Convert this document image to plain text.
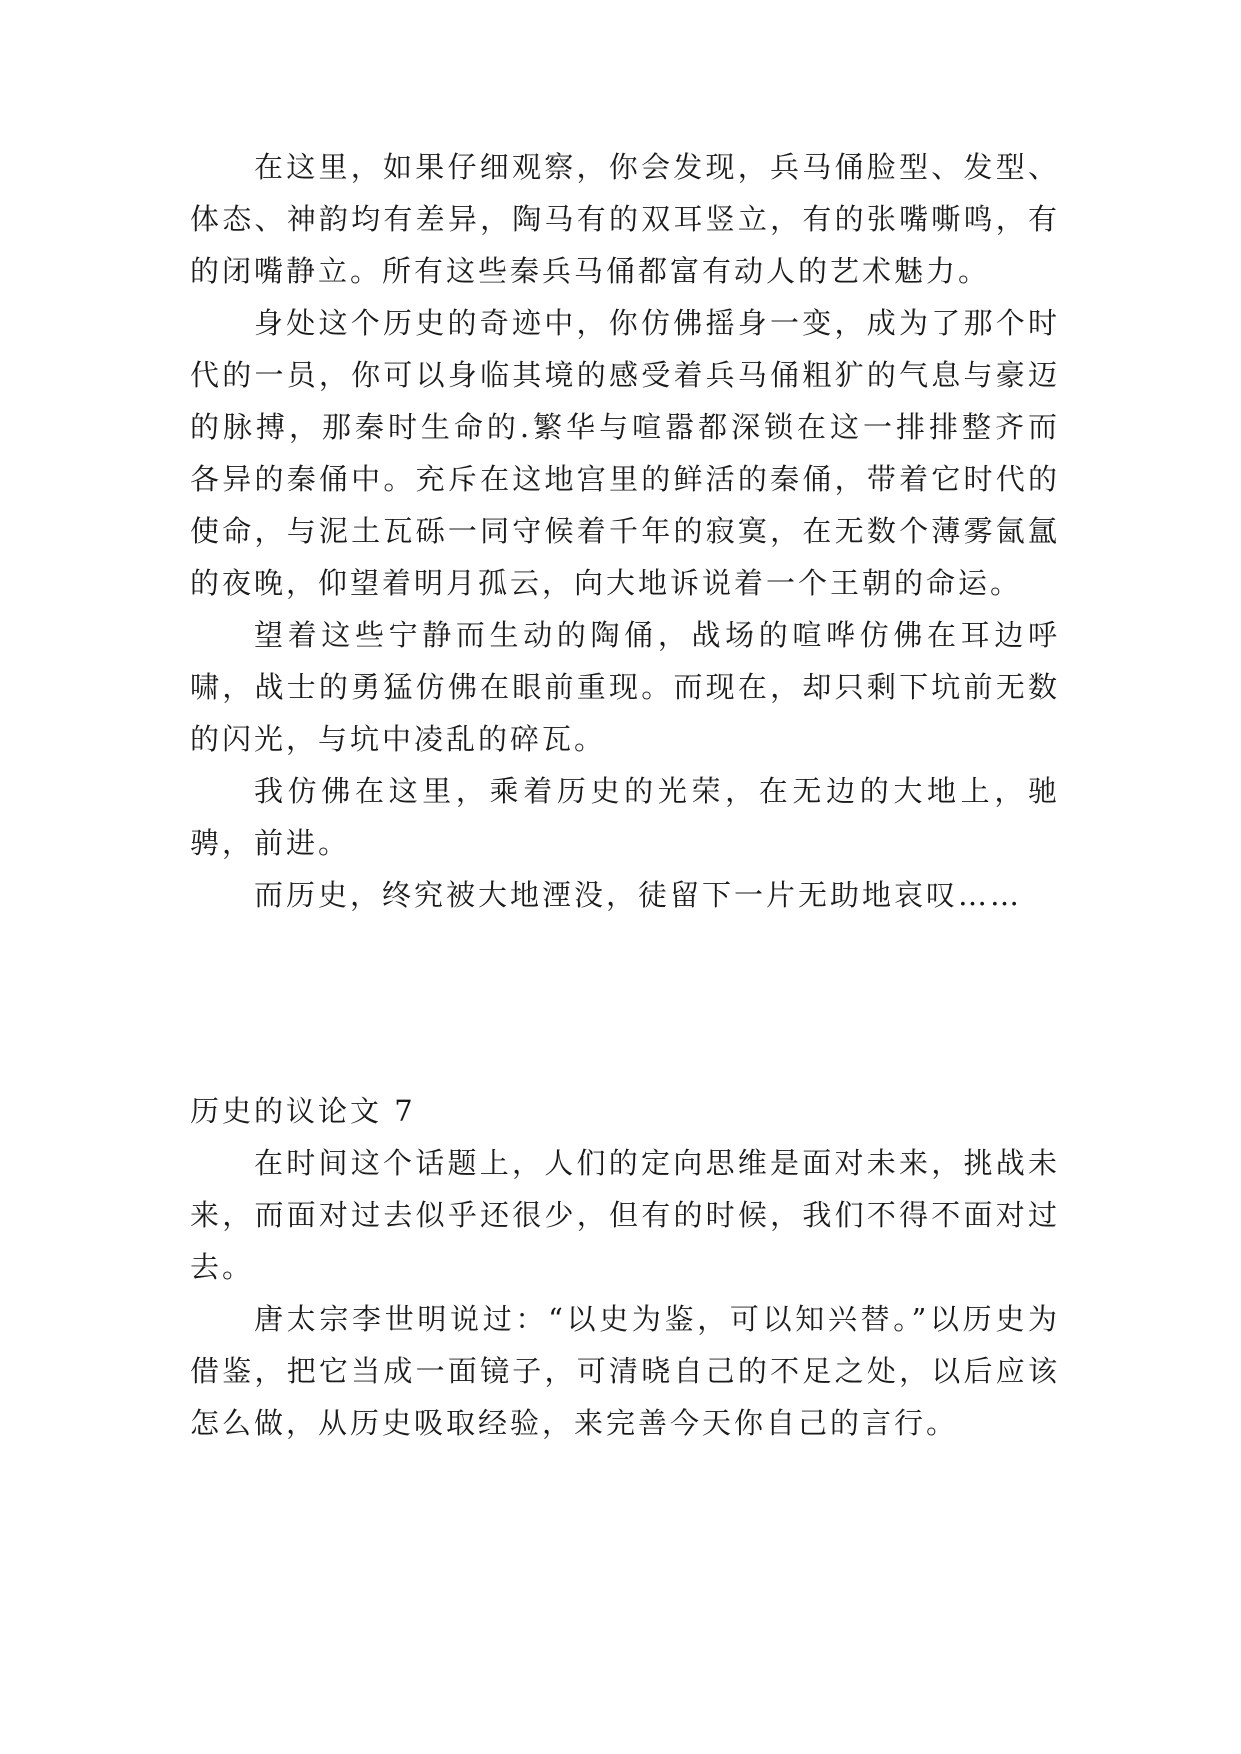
在这里，如果仔细观察，你会发现，兵马俑脸型、发型、体态、神韵均有差异，陶马有的双耳竖立，有的张嘴嘶鸣，有的闭嘴静立。所有这些秦兵马俑都富有动人的艺术魅力。

身处这个历史的奇迹中，你仿佛摇身一变，成为了那个时代的一员，你可以身临其境的感受着兵马俑粗犷的气息与豪迈的脉搏，那秦时生命的.繁华与喧嚣都深锁在这一排排整齐而各异的秦俑中。充斥在这地宫里的鲜活的秦俑，带着它时代的使命，与泥土瓦砾一同守候着千年的寂寞，在无数个薄雾氤氲的夜晚，仰望着明月孤云，向大地诉说着一个王朝的命运。

望着这些宁静而生动的陶俑，战场的喧哗仿佛在耳边呼啸，战士的勇猛仿佛在眼前重现。而现在，却只剩下坑前无数的闪光，与坑中凌乱的碎瓦。

我仿佛在这里，乘着历史的光荣，在无边的大地上，驰骋，前进。

而历史，终究被大地湮没，徒留下一片无助地哀叹……

历史的议论文 7

在时间这个话题上，人们的定向思维是面对未来，挑战未来，而面对过去似乎还很少，但有的时候，我们不得不面对过去。

唐太宗李世明说过：“以史为鉴，可以知兴替。”以历史为借鉴，把它当成一面镜子，可清晓自己的不足之处，以后应该怎么做，从历史吸取经验，来完善今天你自己的言行。
